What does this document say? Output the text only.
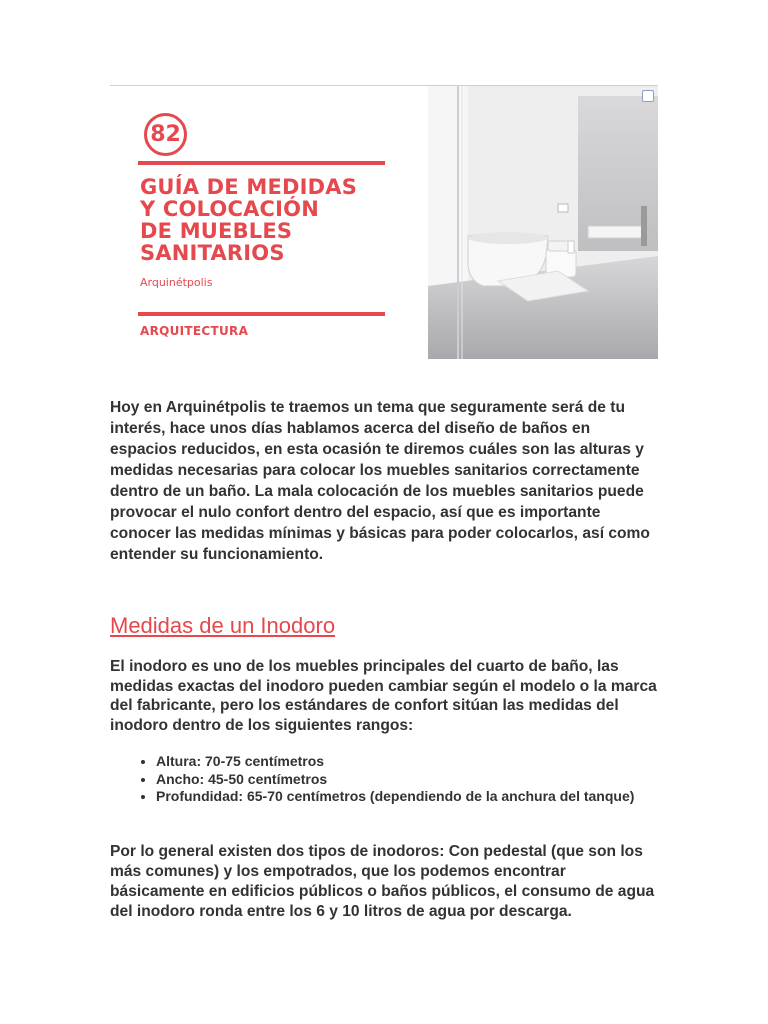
82
GUÍA DE MEDIDAS
Y COLOCACIÓN
DE MUEBLES
SANITARIOS
Arquinétpolis
ARQUITECTURA

Hoy en Arquinétpolis te traemos un tema que seguramente será de tu interés, hace unos días hablamos acerca del diseño de baños en espacios reducidos, en esta ocasión te diremos cuáles son las alturas y medidas necesarias para colocar los muebles sanitarios correctamente dentro de un baño. La mala colocación de los muebles sanitarios puede provocar el nulo confort dentro del espacio, así que es importante conocer las medidas mínimas y básicas para poder colocarlos, así como entender su funcionamiento.

Medidas de un Inodoro

El inodoro es uno de los muebles principales del cuarto de baño, las medidas exactas del inodoro pueden cambiar según el modelo o la marca del fabricante, pero los estándares de confort sitúan las medidas del inodoro dentro de los siguientes rangos:

• Altura: 70-75 centímetros
• Ancho: 45-50 centímetros
• Profundidad: 65-70 centímetros (dependiendo de la anchura del tanque)

Por lo general existen dos tipos de inodoros: Con pedestal (que son los más comunes) y los empotrados, que los podemos encontrar básicamente en edificios públicos o baños públicos, el consumo de agua del inodoro ronda entre los 6 y 10 litros de agua por descarga.
